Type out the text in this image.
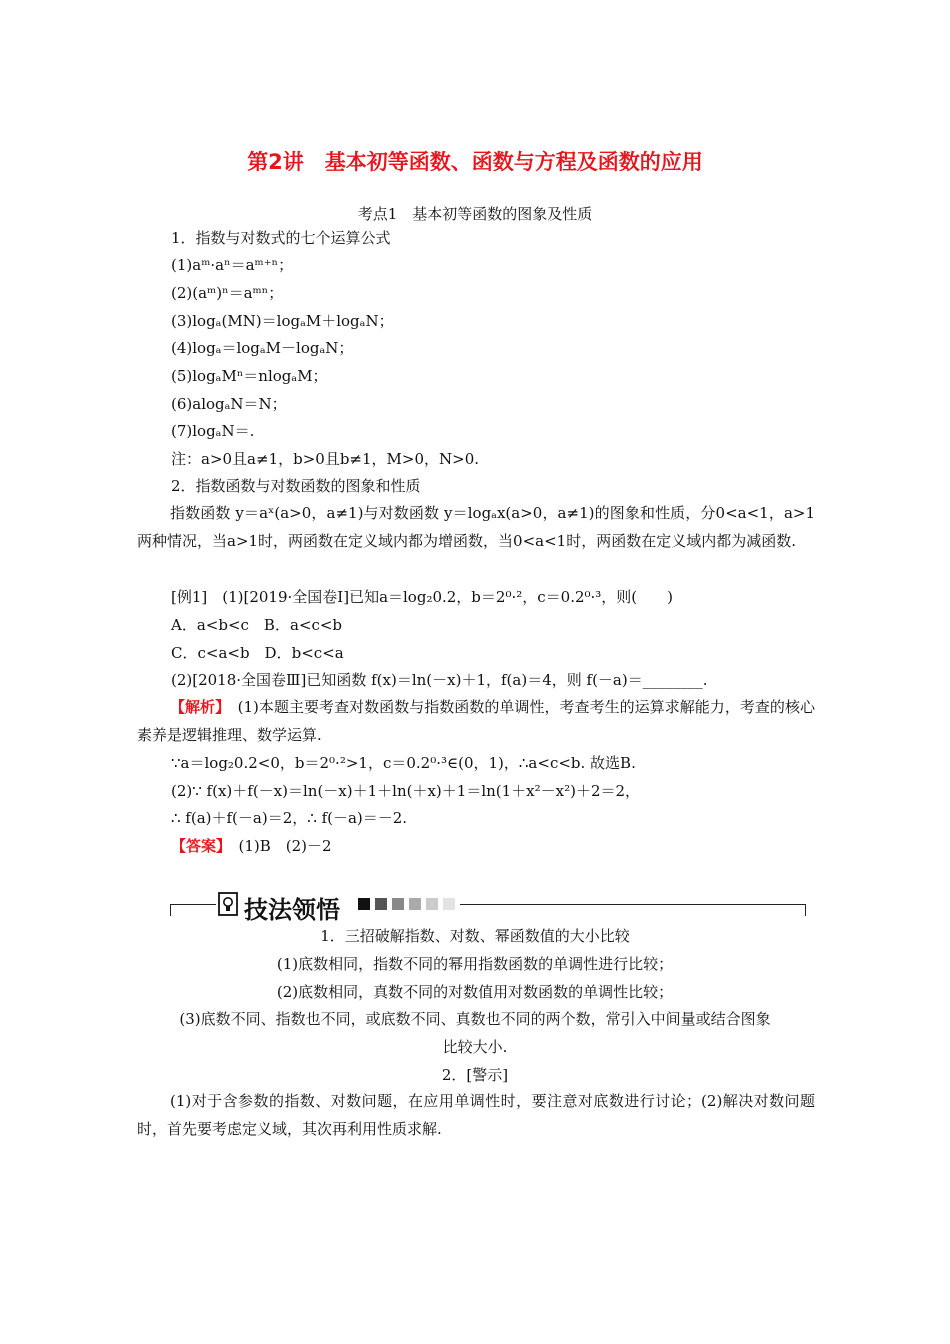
第2讲　基本初等函数、函数与方程及函数的应用
考点1　基本初等函数的图象及性质
1．指数与对数式的七个运算公式
(1)aᵐ·aⁿ＝aᵐ⁺ⁿ；
(2)(aᵐ)ⁿ＝aᵐⁿ；
(3)logₐ(MN)＝logₐM＋logₐN；
(4)logₐ＝logₐM－logₐN；
(5)logₐMⁿ＝nlogₐM；
(6)alogₐN＝N；
(7)logₐN＝.
注：a>0且a≠1，b>0且b≠1，M>0，N>0.
2．指数函数与对数函数的图象和性质
指数函数 y＝aˣ(a>0，a≠1)与对数函数 y＝logₐx(a>0，a≠1)的图象和性质，分0<a<1，a>1两种情况，当a>1时，两函数在定义域内都为增函数，当0<a<1时，两函数在定义域内都为减函数.
[例1]　(1)[2019·全国卷Ⅰ]已知a＝log₂0.2，b＝2⁰·²，c＝0.2⁰·³，则(　　)
A．a<b<c　B．a<c<b
C．c<a<b　D．b<c<a
(2)[2018·全国卷Ⅲ]已知函数 f(x)＝ln(－x)＋1，f(a)＝4，则 f(－a)＝________.
【解析】　(1)本题主要考查对数函数与指数函数的单调性，考查考生的运算求解能力，考查的核心素养是逻辑推理、数学运算.
∵a＝log₂0.2<0，b＝2⁰·²>1，c＝0.2⁰·³∈(0，1)，∴a<c<b. 故选B.
(2)∵ f(x)＋f(－x)＝ln(－x)＋1＋ln(＋x)＋1＝ln(1＋x²－x²)＋2＝2，
∴ f(a)＋f(－a)＝2，∴ f(－a)＝－2.
【答案】　(1)B　(2)－2
技法领悟
1．三招破解指数、对数、幂函数值的大小比较
(1)底数相同，指数不同的幂用指数函数的单调性进行比较；
(2)底数相同，真数不同的对数值用对数函数的单调性比较；
(3)底数不同、指数也不同，或底数不同、真数也不同的两个数，常引入中间量或结合图象
比较大小.
2．[警示]
(1)对于含参数的指数、对数问题，在应用单调性时，要注意对底数进行讨论；(2)解决对数问题时，首先要考虑定义域，其次再利用性质求解.
